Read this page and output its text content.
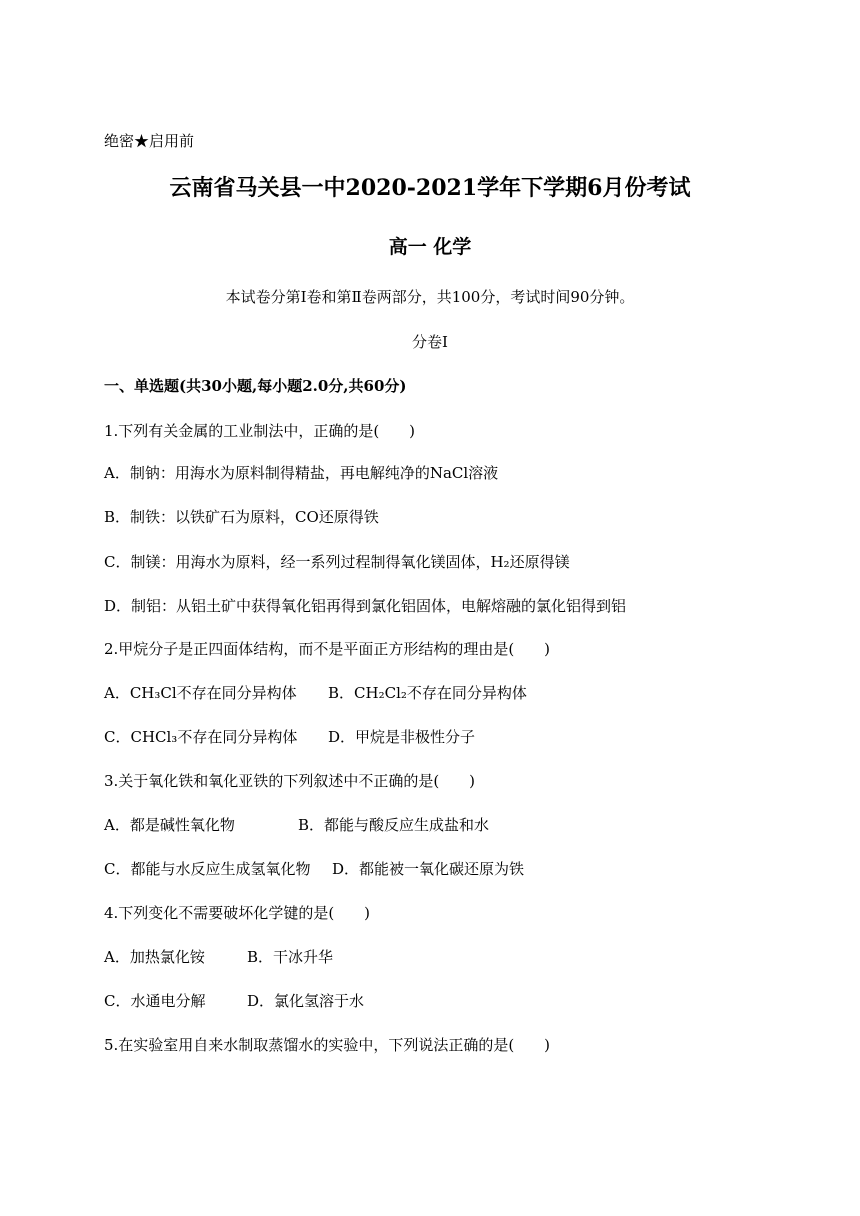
绝密★启用前
云南省马关县一中2020-2021学年下学期6月份考试
高一 化学
本试卷分第Ⅰ卷和第Ⅱ卷两部分，共100分，考试时间90分钟。
分卷I
一、单选题(共30小题,每小题2.0分,共60分)
1.下列有关金属的工业制法中，正确的是(　　)
A．制钠：用海水为原料制得精盐，再电解纯净的NaCl溶液
B．制铁：以铁矿石为原料，CO还原得铁
C．制镁：用海水为原料，经一系列过程制得氧化镁固体，H₂还原得镁
D．制铝：从铝土矿中获得氧化铝再得到氯化铝固体，电解熔融的氯化铝得到铝
2.甲烷分子是正四面体结构，而不是平面正方形结构的理由是(　　)
A．CH₃Cl不存在同分异构体 B．CH₂Cl₂不存在同分异构体
C．CHCl₃不存在同分异构体 D．甲烷是非极性分子
3.关于氧化铁和氧化亚铁的下列叙述中不正确的是(　　)
A．都是碱性氧化物	B．都能与酸反应生成盐和水
C．都能与水反应生成氢氧化物 D．都能被一氧化碳还原为铁
4.下列变化不需要破坏化学键的是(　　)
A．加热氯化铵	B．干冰升华
C．水通电分解	D．氯化氢溶于水
5.在实验室用自来水制取蒸馏水的实验中，下列说法正确的是(　　)
